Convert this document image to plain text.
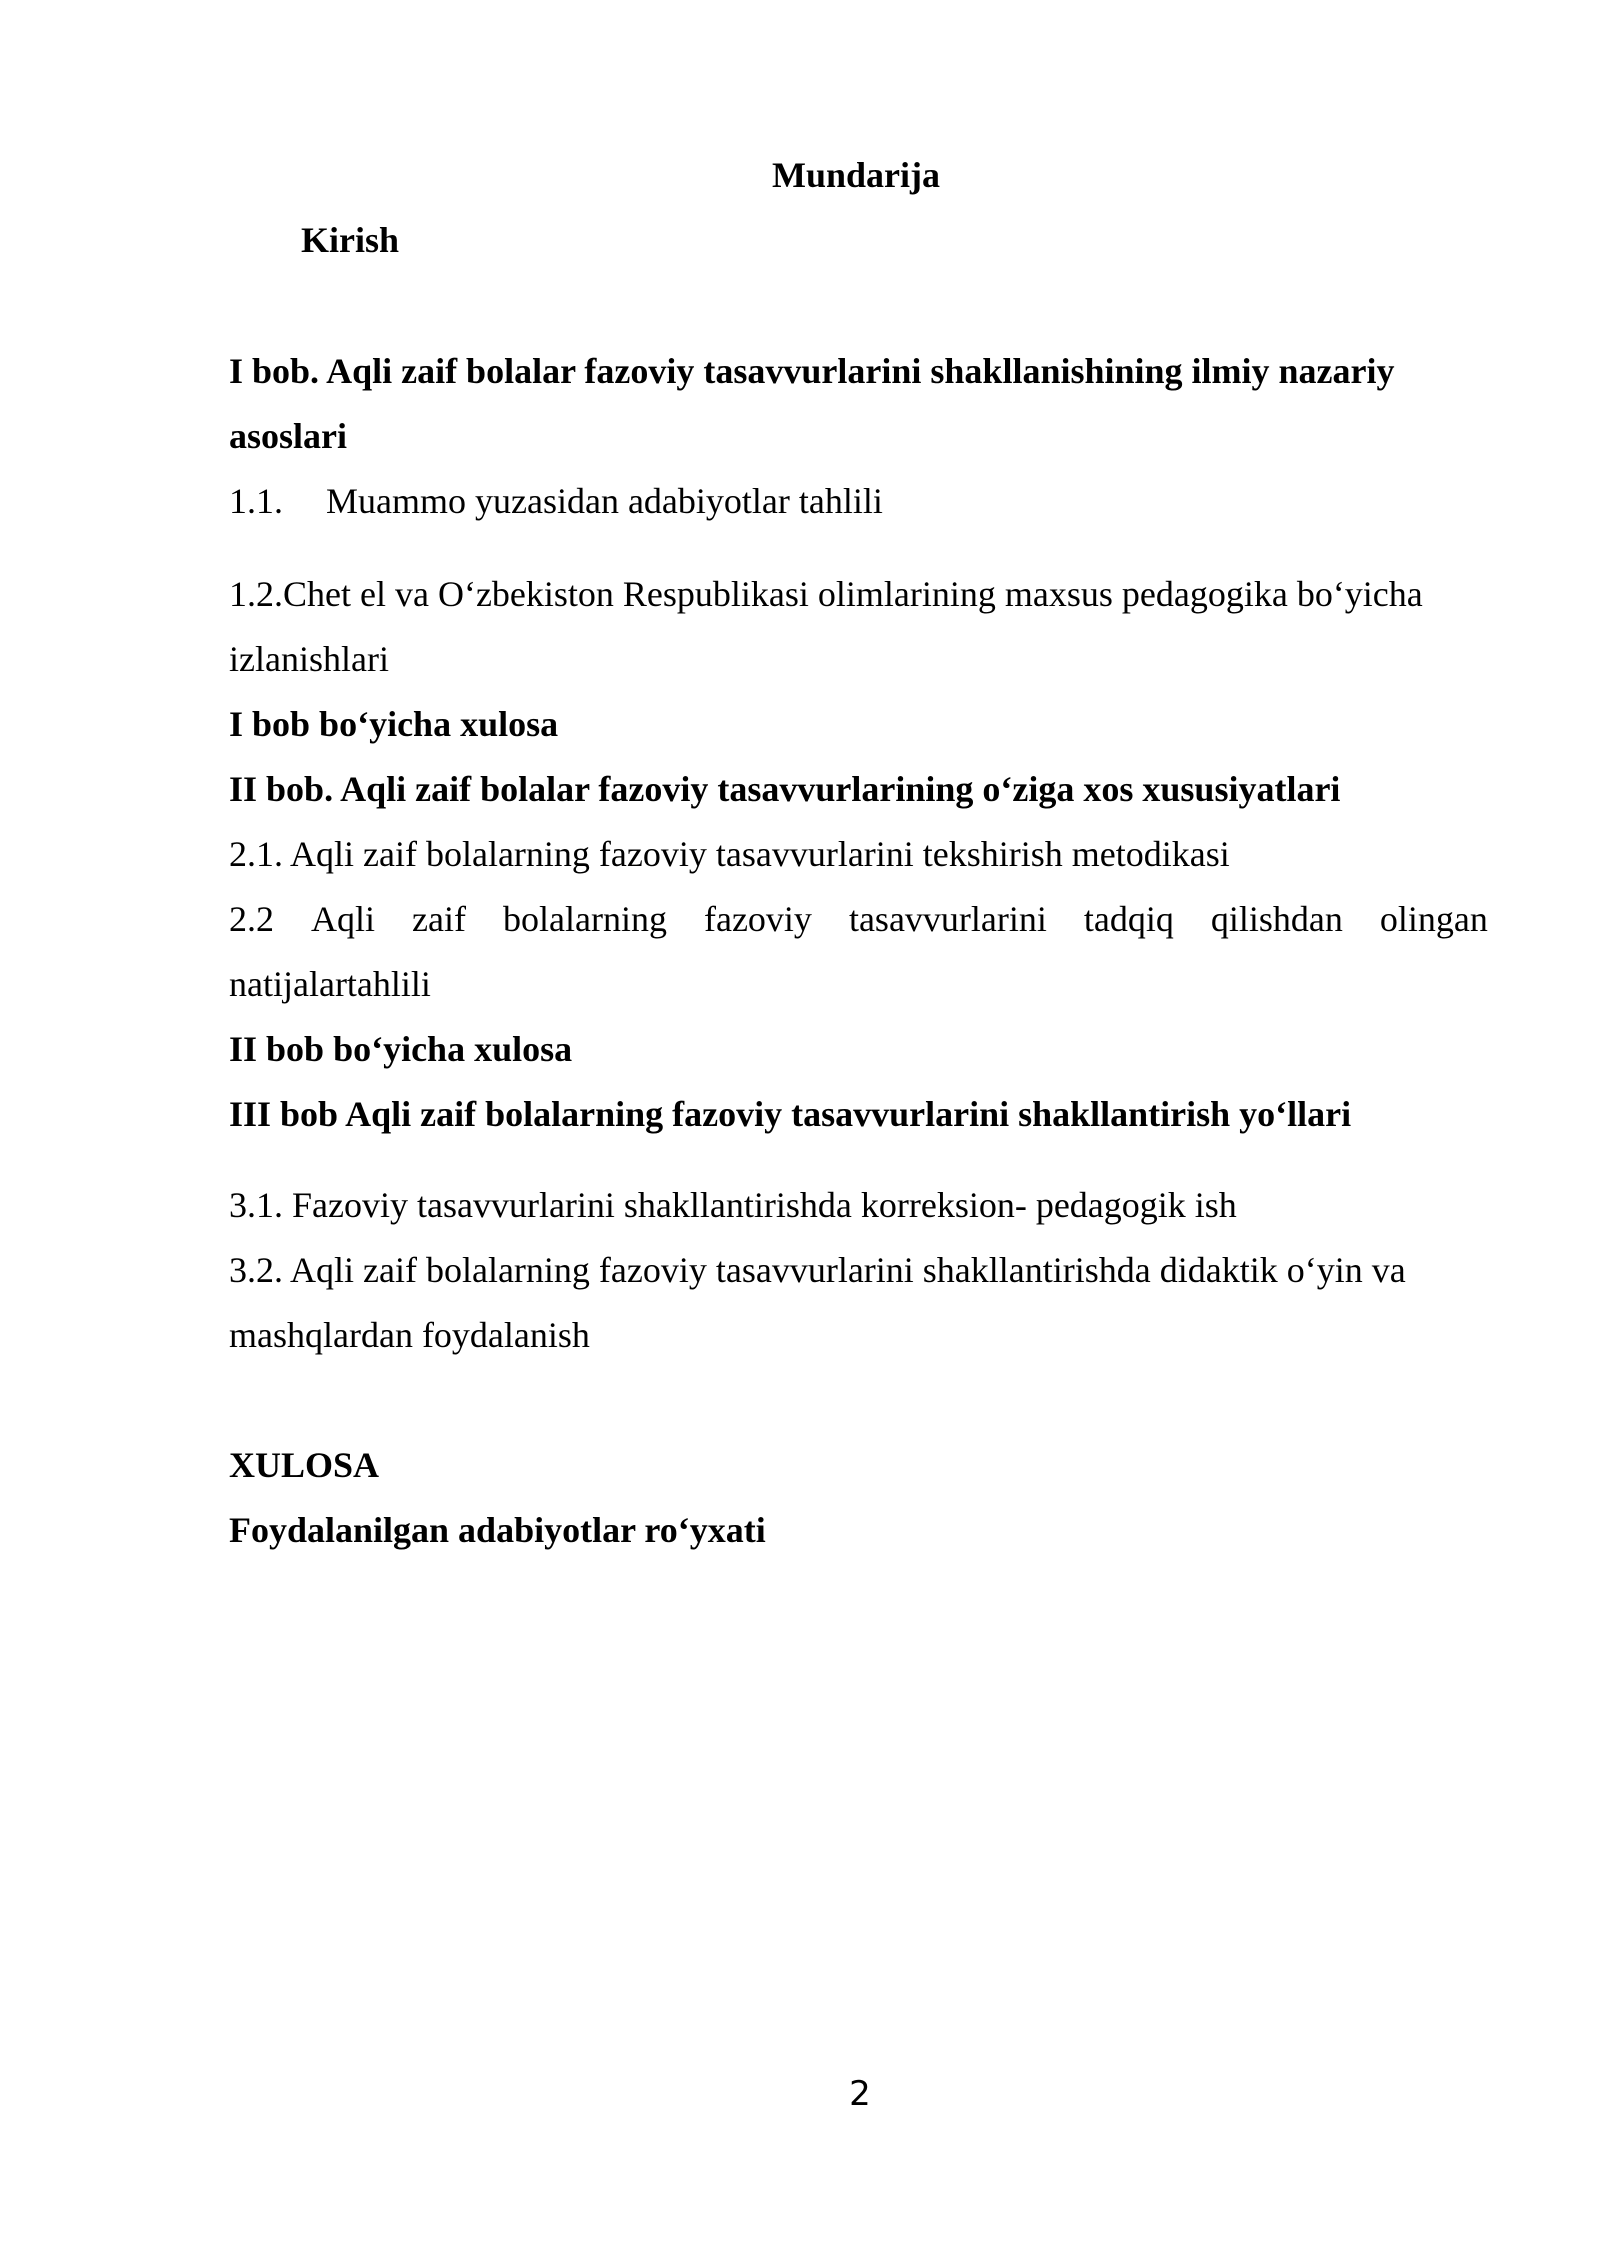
Mundarija
Kirish
I bob. Aqli zaif bolalar fazoviy tasavvurlarini shakllanishining ilmiy nazariy
asoslari
1.1. Muammo yuzasidan adabiyotlar tahlili
1.2.Chet el va O‘zbekiston Respublikasi olimlarining maxsus pedagogika bo‘yicha
izlanishlari
I bob bo‘yicha xulosa
II bob. Aqli zaif bolalar fazoviy tasavvurlarining o‘ziga xos xususiyatlari
2.1. Aqli zaif bolalarning fazoviy tasavvurlarini tekshirish metodikasi
2.2 Aqli zaif bolalarning fazoviy tasavvurlarini tadqiq qilishdan olingan
natijalartahlili
II bob bo‘yicha xulosa
III bob Aqli zaif bolalarning fazoviy tasavvurlarini shakllantirish yo‘llari
3.1. Fazoviy tasavvurlarini shakllantirishda korreksion- pedagogik ish
3.2. Aqli zaif bolalarning fazoviy tasavvurlarini shakllantirishda didaktik o‘yin va
mashqlardan foydalanish
XULOSA
Foydalanilgan adabiyotlar ro‘yxati
2
